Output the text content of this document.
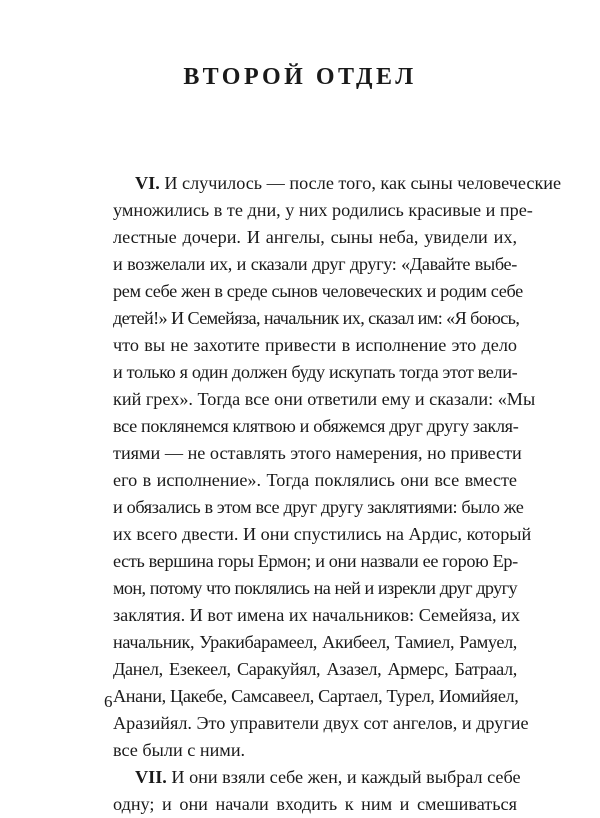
ВТОРОЙ ОТДЕЛ
VI. И случилось — после того, как сыны человеческие
умножились в те дни, у них родились красивые и пре-
лестные дочери. И ангелы, сыны неба, увидели их,
и возжелали их, и сказали друг другу: «Давайте выбе-
рем себе жен в среде сынов человеческих и родим себе
детей!» И Семейяза, начальник их, сказал им: «Я боюсь,
что вы не захотите привести в исполнение это дело
и только я один должен буду искупать тогда этот вели-
кий грех». Тогда все они ответили ему и сказали: «Мы
все поклянемся клятвою и обяжемся друг другу закля-
тиями — не оставлять этого намерения, но привести
его в исполнение». Тогда поклялись они все вместе
и обязались в этом все друг другу заклятиями: было же
их всего двести. И они спустились на Ардис, который
есть вершина горы Ермон; и они назвали ее горою Ер-
мон, потому что поклялись на ней и изрекли друг другу
заклятия. И вот имена их начальников: Семейяза, их
начальник, Уракибарамеел, Акибеел, Тамиел, Рамуел,
Данел, Езекеел, Саракуйял, Азазел, Армерс, Батраал,
Анани, Цакебе, Самсавеел, Сартаел, Турел, Иомийяел,
Аразийял. Это управители двух сот ангелов, и другие
все были с ними.
VII. И они взяли себе жен, и каждый выбрал себе
одну; и они начали входить к ним и смешиваться
6
